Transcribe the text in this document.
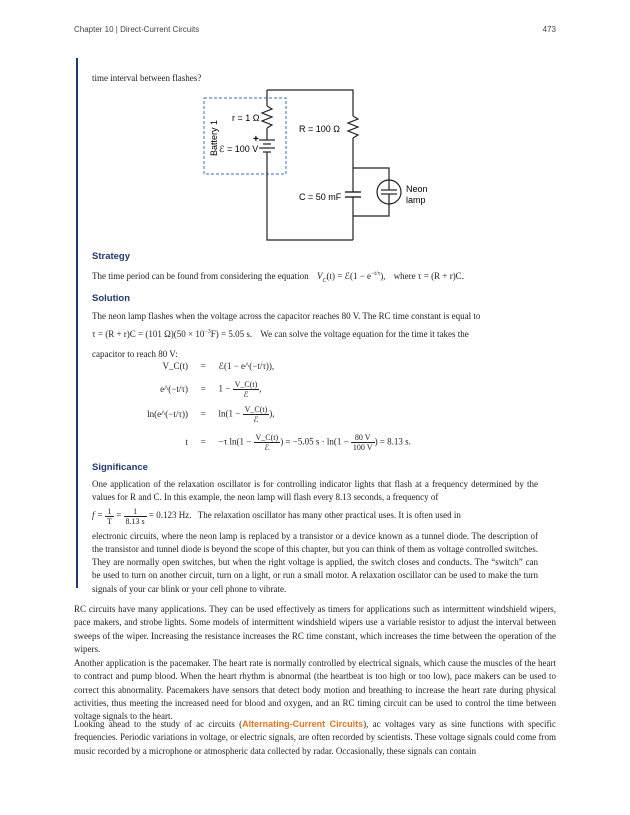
Chapter 10 | Direct-Current Circuits	473

time interval between flashes?

Battery 1
r = 1 Ω
+
ℰ = 100 V
R = 100 Ω
C = 50 mF
Neon
lamp
Strategy

The time period can be found from considering the equation $V_C(t)$ = ℰ(1 − $e^{-t/\tau}$), where τ = (R + r)C.

Solution

The neon lamp flashes when the voltage across the capacitor reaches 80 V. The RC time constant is equal to

τ = (R + r)C = (101 $\Omega)(50 \times 10^{-3}F) = 5.05$ s. We can solve the voltage equation for the time it takes the

capacitor to reach 80 V:

V_C(t) = ℰ(1 − e^(−t/τ)),
e^(−t/τ) = $1 - \frac{V\_C(t)}{\text{ℰ}}$ ,
ln(e^(−t/τ)) = $\ln(1 - \frac{V\_C(t)}{\text{ℰ}}$ ),
t = −τ $\ln(1 - \frac{V\_C(t)}{\text{ℰ}}$ ) = −5.05 $s \cdot \ln(1 - \frac{80 V}{100 V}$ ) = 8.13 s.
Significance

One application of the relaxation oscillator is for controlling indicator lights that flash at a frequency determined by the values for R and C. In this example, the neon lamp will flash every 8.13 seconds, a frequency of

$f = \frac{1}{T} = \frac{1}{8.13 s} = 0.123$ Hz. The relaxation oscillator has many other practical uses. It is often used in

electronic circuits, where the neon lamp is replaced by a transistor or a device known as a tunnel diode. The description of the transistor and tunnel diode is beyond the scope of this chapter, but you can think of them as voltage controlled switches. They are normally open switches, but when the right voltage is applied, the switch closes and conducts. The “switch” can be used to turn on another circuit, turn on a light, or run a small motor. A relaxation oscillator can be used to make the turn signals of your car blink or your cell phone to vibrate.

RC circuits have many applications. They can be used effectively as timers for applications such as intermittent windshield wipers, pace makers, and strobe lights. Some models of intermittent windshield wipers use a variable resistor to adjust the interval between sweeps of the wiper. Increasing the resistance increases the RC time constant, which increases the time between the operation of the wipers.

Another application is the pacemaker. The heart rate is normally controlled by electrical signals, which cause the muscles of the heart to contract and pump blood. When the heart rhythm is abnormal (the heartbeat is too high or too low), pace makers can be used to correct this abnormality. Pacemakers have sensors that detect body motion and breathing to increase the heart rate during physical activities, thus meeting the increased need for blood and oxygen, and an RC timing circuit can be used to control the time between voltage signals to the heart.

Looking ahead to the study of ac circuits (Alternating-Current Circuits), ac voltages vary as sine functions with specific frequencies. Periodic variations in voltage, or electric signals, are often recorded by scientists. These voltage signals could come from music recorded by a microphone or atmospheric data collected by radar. Occasionally, these signals can contain
